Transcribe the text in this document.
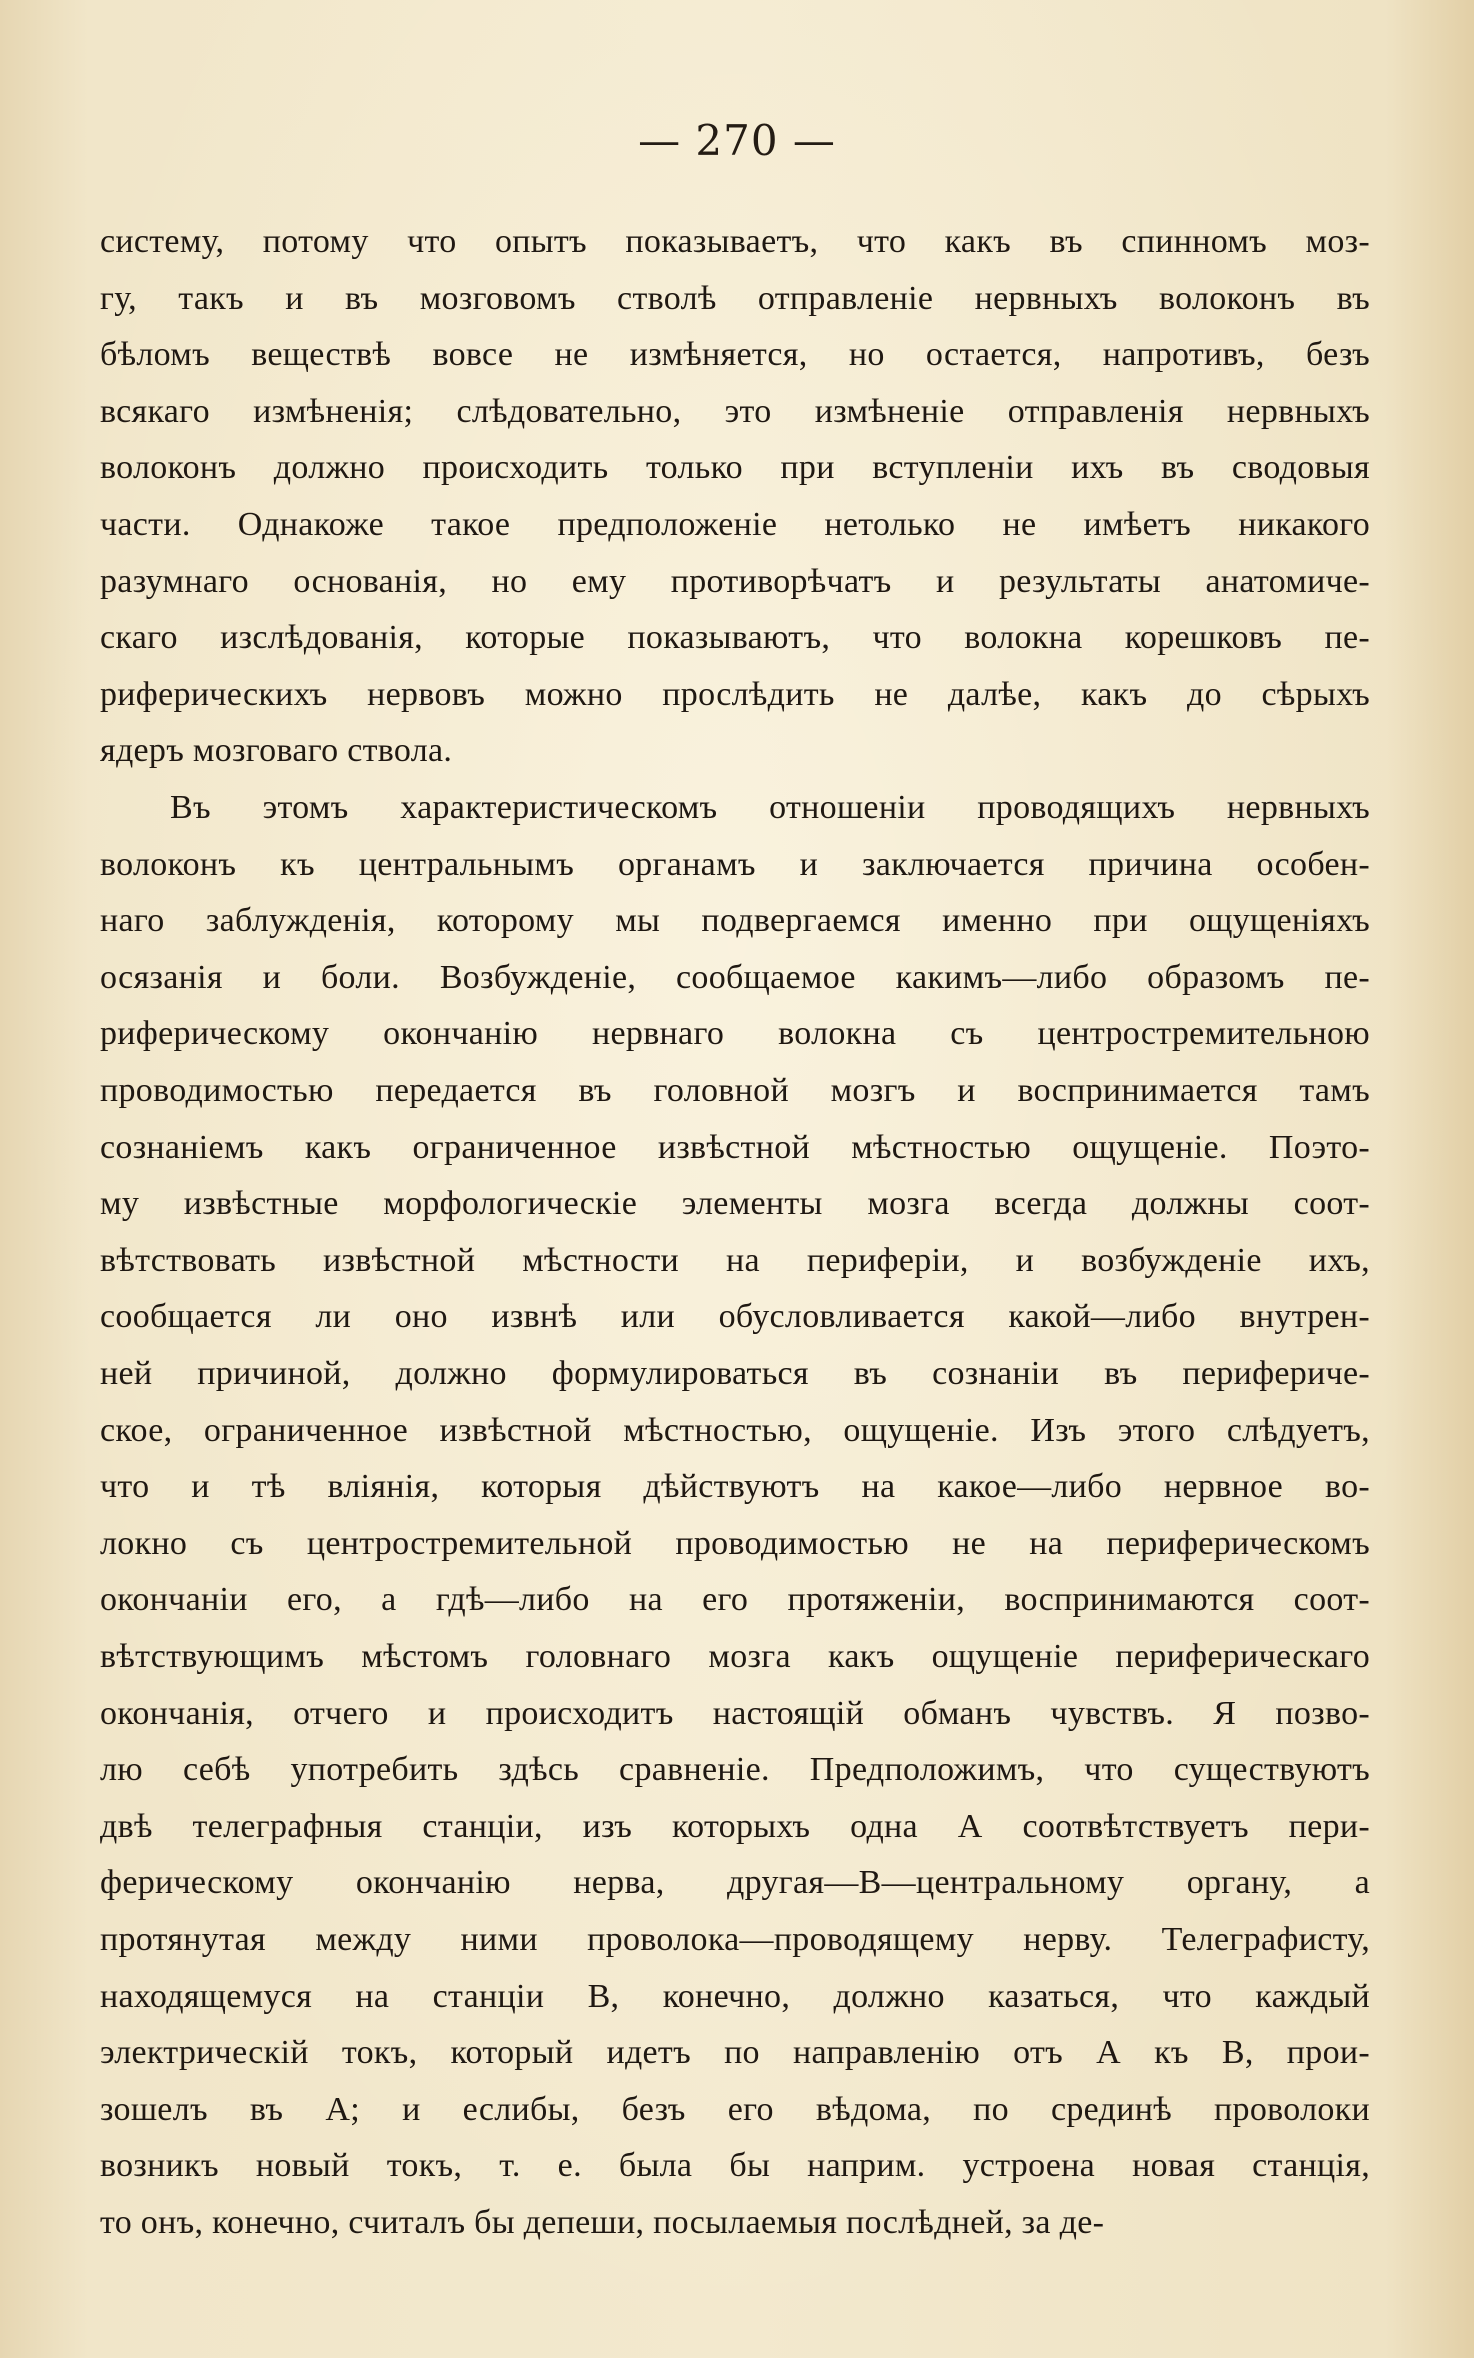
— 270 —
систему, потому что опытъ показываетъ, что какъ въ спинномъ моз-
гу, такъ и въ мозговомъ стволѣ отправленіе нервныхъ волоконъ въ
бѣломъ веществѣ вовсе не измѣняется, но остается, напротивъ, безъ
всякаго измѣненія; слѣдовательно, это измѣненіе отправленія нервныхъ
волоконъ должно происходить только при вступленіи ихъ въ сводовыя
части. Однакоже такое предположеніе нетолько не имѣетъ никакого
разумнаго основанія, но ему противорѣчатъ и результаты анатомиче-
скаго изслѣдованія, которые показываютъ, что волокна корешковъ пе-
риферическихъ нервовъ можно прослѣдить не далѣе, какъ до сѣрыхъ
ядеръ мозговаго ствола.
Въ этомъ характеристическомъ отношеніи проводящихъ нервныхъ
волоконъ къ центральнымъ органамъ и заключается причина особен-
наго заблужденія, которому мы подвергаемся именно при ощущеніяхъ
осязанія и боли. Возбужденіе, сообщаемое какимъ—либо образомъ пе-
риферическому окончанію нервнаго волокна съ центростремительною
проводимостью передается въ головной мозгъ и воспринимается тамъ
сознаніемъ какъ ограниченное извѣстной мѣстностью ощущеніе. Поэто-
му извѣстные морфологическіе элементы мозга всегда должны соот-
вѣтствовать извѣстной мѣстности на периферіи, и возбужденіе ихъ,
сообщается ли оно извнѣ или обусловливается какой—либо внутрен-
ней причиной, должно формулироваться въ сознаніи въ периферичe-
ское, ограниченное извѣстной мѣстностью, ощущеніе. Изъ этого слѣдуетъ,
что и тѣ вліянія, которыя дѣйствуютъ на какое—либо нервное во-
локно съ центростремительной проводимостью не на периферическомъ
окончаніи его, а гдѣ—либо на его протяженіи, воспринимаются соот-
вѣтствующимъ мѣстомъ головнаго мозга какъ ощущеніе периферическаго
окончанія, отчего и происходитъ настоящій обманъ чувствъ. Я позво-
лю себѣ употребить здѣсь сравненіе. Предположимъ, что существуютъ
двѣ телеграфныя станціи, изъ которыхъ одна А соотвѣтствуетъ пери-
ферическому окончанію нерва, другая—В—центральному органу, а
протянутая между ними проволока—проводящему нерву. Телеграфисту,
находящемуся на станціи В, конечно, должно казаться, что каждый
электрическій токъ, который идетъ по направленію отъ А къ В, прои-
зошелъ въ А; и еслибы, безъ его вѣдома, по срединѣ проволоки
возникъ новый токъ, т. е. была бы наприм. устроена новая станція,
то онъ, конечно, считалъ бы депеши, посылаемыя послѣдней, за де-
